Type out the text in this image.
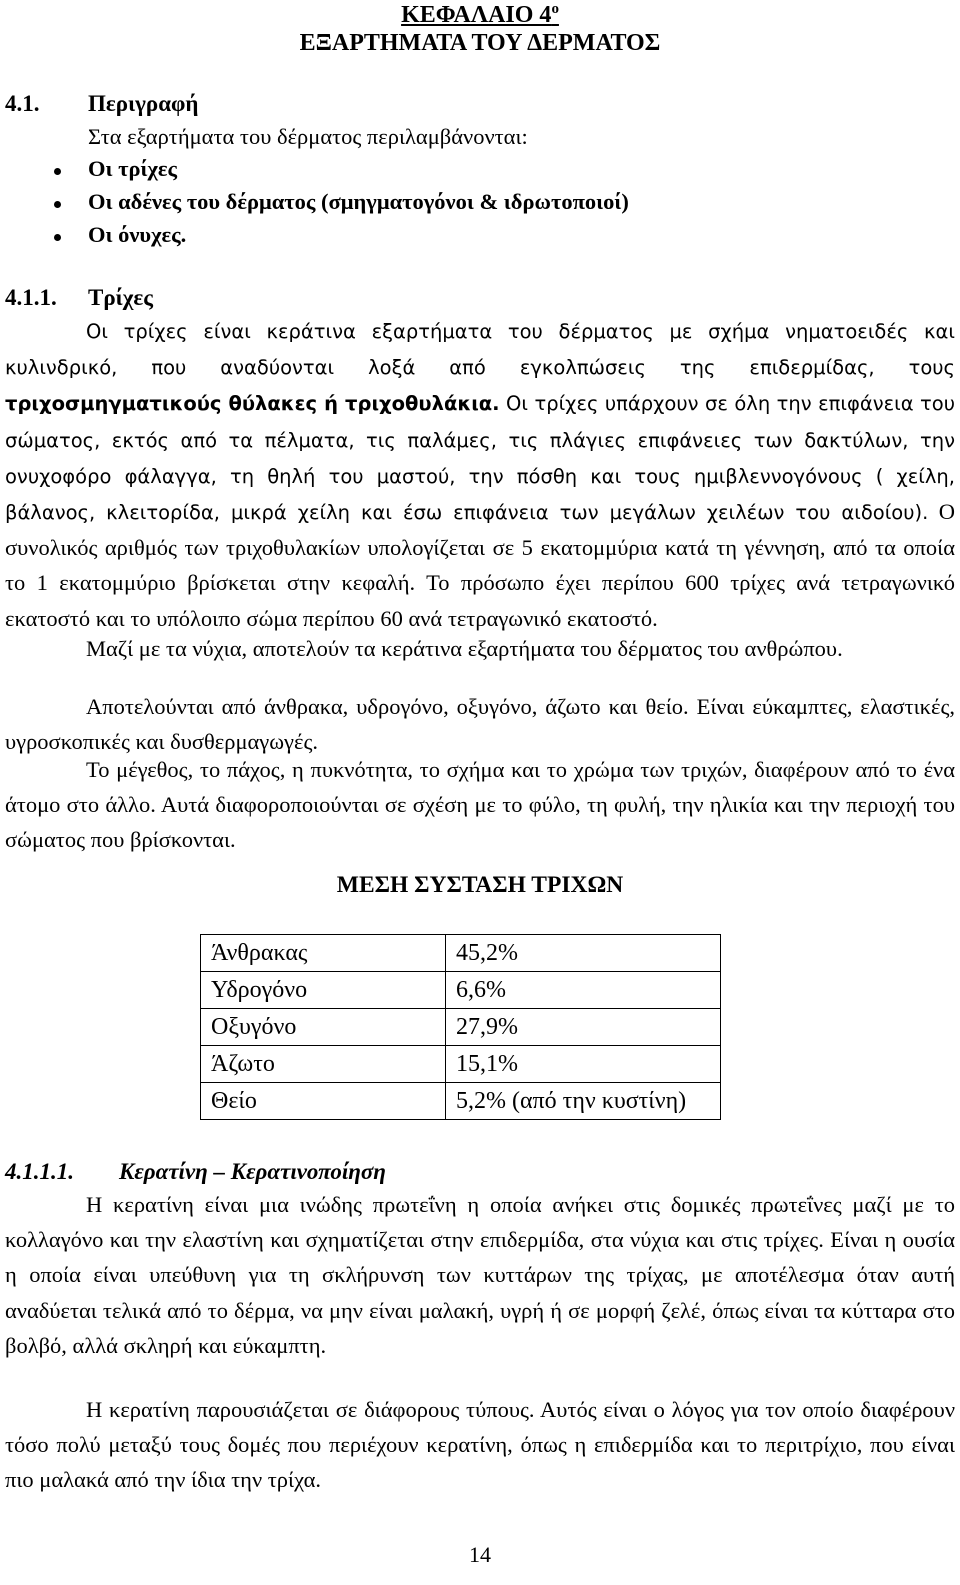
ΚΕΦΑΛΑΙΟ $4^o$
ΕΞΑΡΤΗΜΑΤΑ ΤΟΥ ΔΕΡΜΑΤΟΣ
4.1. Περιγραφή
Στα εξαρτήματα του δέρματος περιλαμβάνονται:
Οι τρίχες
Οι αδένες του δέρματος (σμηγματογόνοι & ιδρωτοποιοί)
Οι όνυχες.
4.1.1. Τρίχες

Οι τρίχες είναι κεράτινα εξαρτήματα του δέρματος με σχήμα νηματοειδές και κυλινδρικό, που αναδύονται λοξά από εγκολπώσεις της επιδερμίδας, τους τριχοσμηγματικούς θύλακες ή τριχοθυλάκια. Οι τρίχες υπάρχουν σε όλη την επιφάνεια του σώματος, εκτός από τα πέλματα, τις παλάμες, τις πλάγιες επιφάνειες των δακτύλων, την ονυχοφόρο φάλαγγα, τη θηλή του μαστού, την πόσθη και τους ημιβλεννογόνους ( χείλη, βάλανος, κλειτορίδα, μικρά χείλη και έσω επιφάνεια των μεγάλων χειλέων του αιδοίου). Ο συνολικός αριθμός των τριχοθυλακίων υπολογίζεται σε 5 εκατομμύρια κατά τη γέννηση, από τα οποία το 1 εκατομμύριο βρίσκεται στην κεφαλή. Το πρόσωπο έχει περίπου 600 τρίχες ανά τετραγωνικό εκατοστό και το υπόλοιπο σώμα περίπου 60 ανά τετραγωνικό εκατοστό.

Μαζί με τα νύχια, αποτελούν τα κεράτινα εξαρτήματα του δέρματος του ανθρώπου.

Αποτελούνται από άνθρακα, υδρογόνο, οξυγόνο, άζωτο και θείο. Είναι εύκαμπτες, ελαστικές, υγροσκοπικές και δυσθερμαγωγές.

Το μέγεθος, το πάχος, η πυκνότητα, το σχήμα και το χρώμα των τριχών, διαφέρουν από το ένα άτομο στο άλλο. Αυτά διαφοροποιούνται σε σχέση με το φύλο, τη φυλή, την ηλικία και την περιοχή του σώματος που βρίσκονται.

ΜΕΣΗ ΣΥΣΤΑΣΗ ΤΡΙΧΩΝ
Άνθρακας	45,2%
Υδρογόνο	6,6%
Οξυγόνο	27,9%
Άζωτο	15,1%
Θείο	5,2% (από την κυστίνη)
4.1.1.1. Κερατίνη – Κερατινοποίηση

Η κερατίνη είναι μια ινώδης πρωτεΐνη η οποία ανήκει στις δομικές πρωτεΐνες μαζί με το κολλαγόνο και την ελαστίνη και σχηματίζεται στην επιδερμίδα, στα νύχια και στις τρίχες. Είναι η ουσία η οποία είναι υπεύθυνη για τη σκλήρυνση των κυττάρων της τρίχας, με αποτέλεσμα όταν αυτή αναδύεται τελικά από το δέρμα, να μην είναι μαλακή, υγρή ή σε μορφή ζελέ, όπως είναι τα κύτταρα στο βολβό, αλλά σκληρή και εύκαμπτη.

Η κερατίνη παρουσιάζεται σε διάφορους τύπους. Αυτός είναι ο λόγος για τον οποίο διαφέρουν τόσο πολύ μεταξύ τους δομές που περιέχουν κερατίνη, όπως η επιδερμίδα και το περιτρίχιο, που είναι πιο μαλακά από την ίδια την τρίχα.

14
